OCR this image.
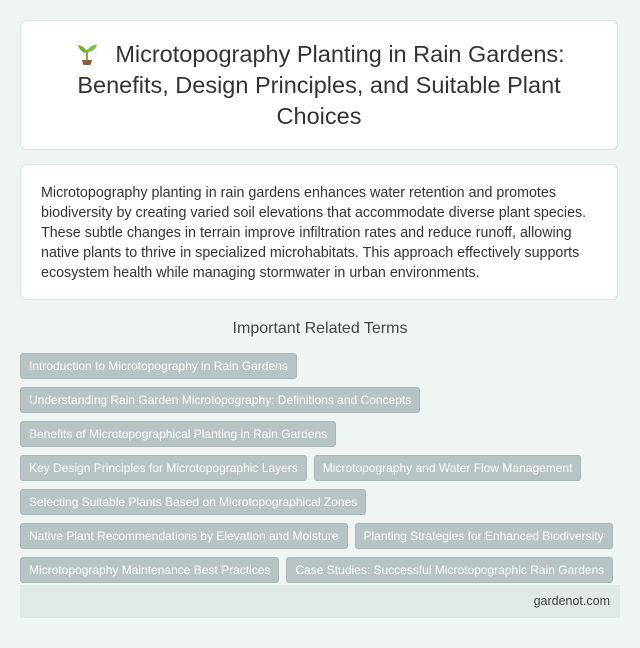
Microtopography Planting in Rain Gardens: Benefits, Design Principles, and Suitable Plant Choices

Microtopography planting in rain gardens enhances water retention and promotes biodiversity by creating varied soil elevations that accommodate diverse plant species. These subtle changes in terrain improve infiltration rates and reduce runoff, allowing native plants to thrive in specialized microhabitats. This approach effectively supports ecosystem health while managing stormwater in urban environments.

Important Related Terms
Introduction to Microtopography in Rain Gardens
Understanding Rain Garden Microtopography: Definitions and Concepts
Benefits of Microtopographical Planting in Rain Gardens
Key Design Principles for Microtopographic Layers	Microtopography and Water Flow Management
Selecting Suitable Plants Based on Microtopographical Zones
Native Plant Recommendations by Elevation and Moisture	Planting Strategies for Enhanced Biodiversity
Microtopography Maintenance Best Practices	Case Studies: Successful Microtopographic Rain Gardens
gardenot.com
